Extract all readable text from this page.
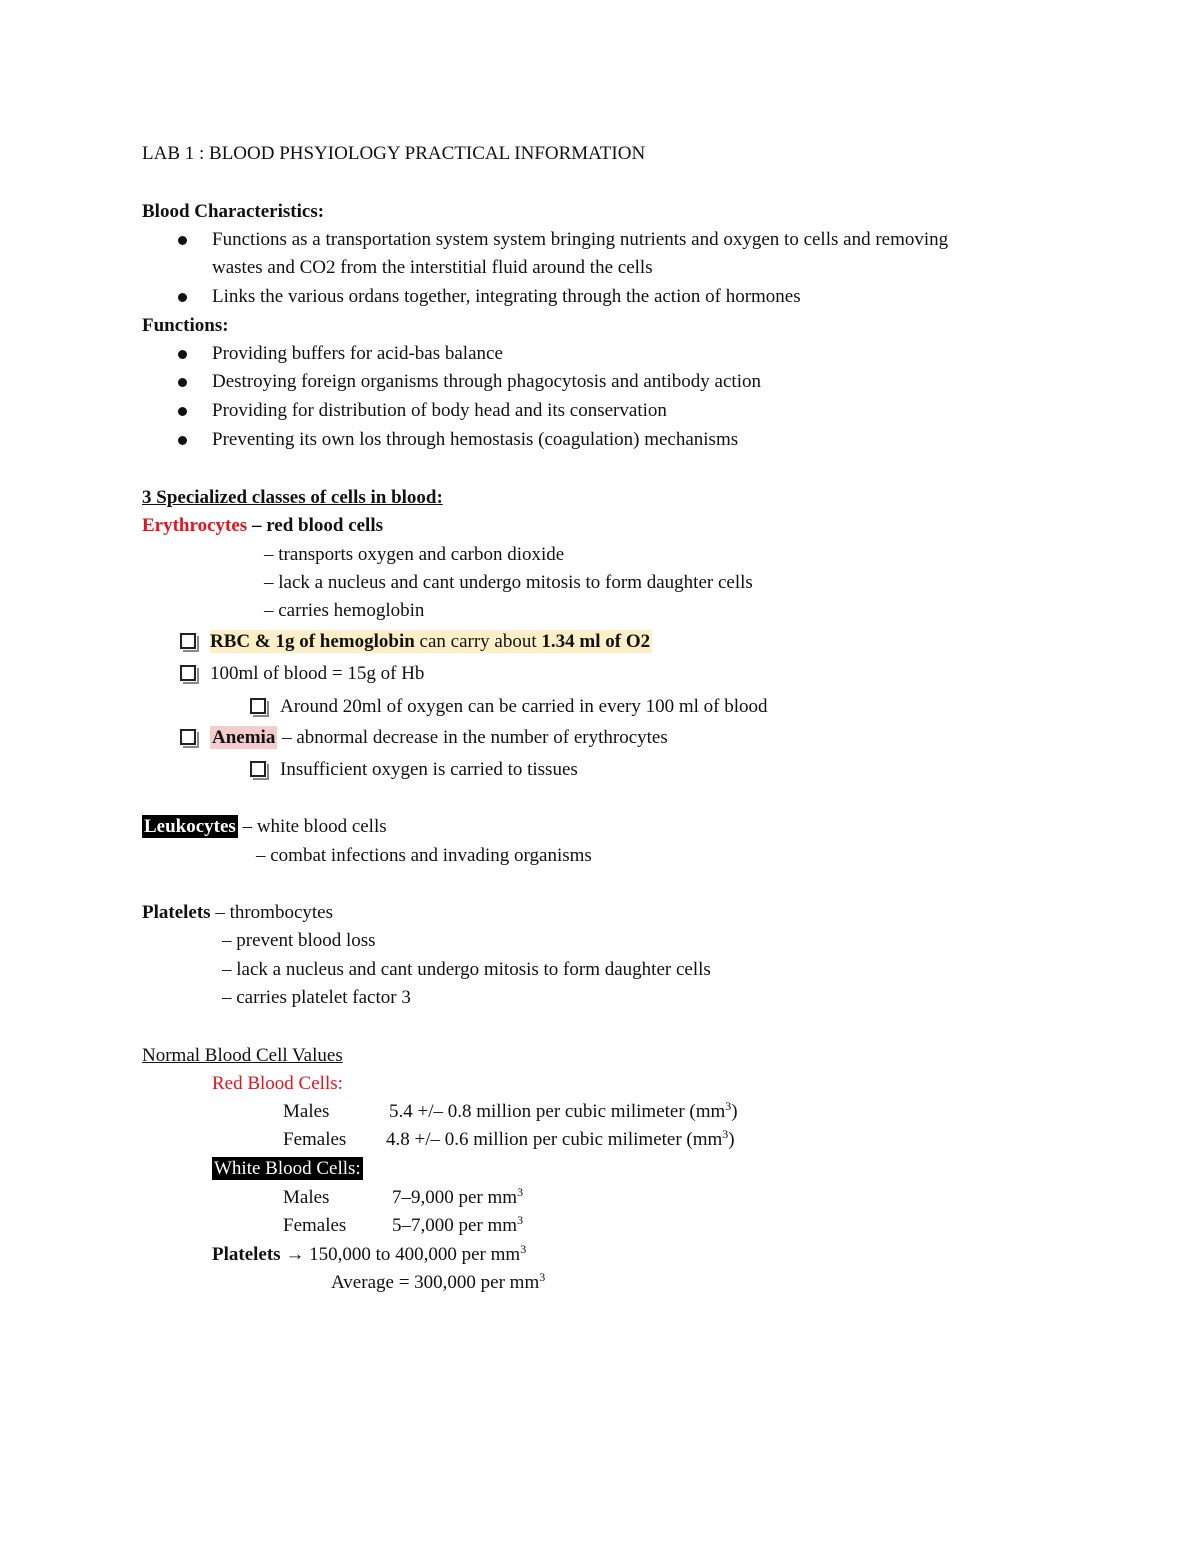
LAB 1 : BLOOD PHSYIOLOGY PRACTICAL INFORMATION
Blood Characteristics:
Functions as a transportation system system bringing nutrients and oxygen to cells and removing
wastes and CO2 from the interstitial fluid around the cells
Links the various ordans together, integrating through the action of hormones
Functions:
Providing buffers for acid-bas balance
Destroying foreign organisms through phagocytosis and antibody action
Providing for distribution of body head and its conservation
Preventing its own los through hemostasis (coagulation) mechanisms
3 Specialized classes of cells in blood:
Erythrocytes – red blood cells
– transports oxygen and carbon dioxide
– lack a nucleus and cant undergo mitosis to form daughter cells
– carries hemoglobin
RBC & 1g of hemoglobin can carry about 1.34 ml of O2
100ml of blood = 15g of Hb
Around 20ml of oxygen can be carried in every 100 ml of blood
Anemia – abnormal decrease in the number of erythrocytes
Insufficient oxygen is carried to tissues
Leukocytes – white blood cells
– combat infections and invading organisms
Platelets – thrombocytes
– prevent blood loss
– lack a nucleus and cant undergo mitosis to form daughter cells
– carries platelet factor 3
Normal Blood Cell Values
Red Blood Cells:
Males	5.4 +/– 0.8 million per cubic milimeter $(mm^3)$
Females 4.8 +/– 0.6 million per cubic milimeter $(mm^3)$
White Blood Cells:
Males	7–9,000 per $mm^3$
Females 5–7,000 per $mm^3$
Platelets → 150,000 to 400,000 per $mm^3$
Average = 300,000 per $mm^3$
